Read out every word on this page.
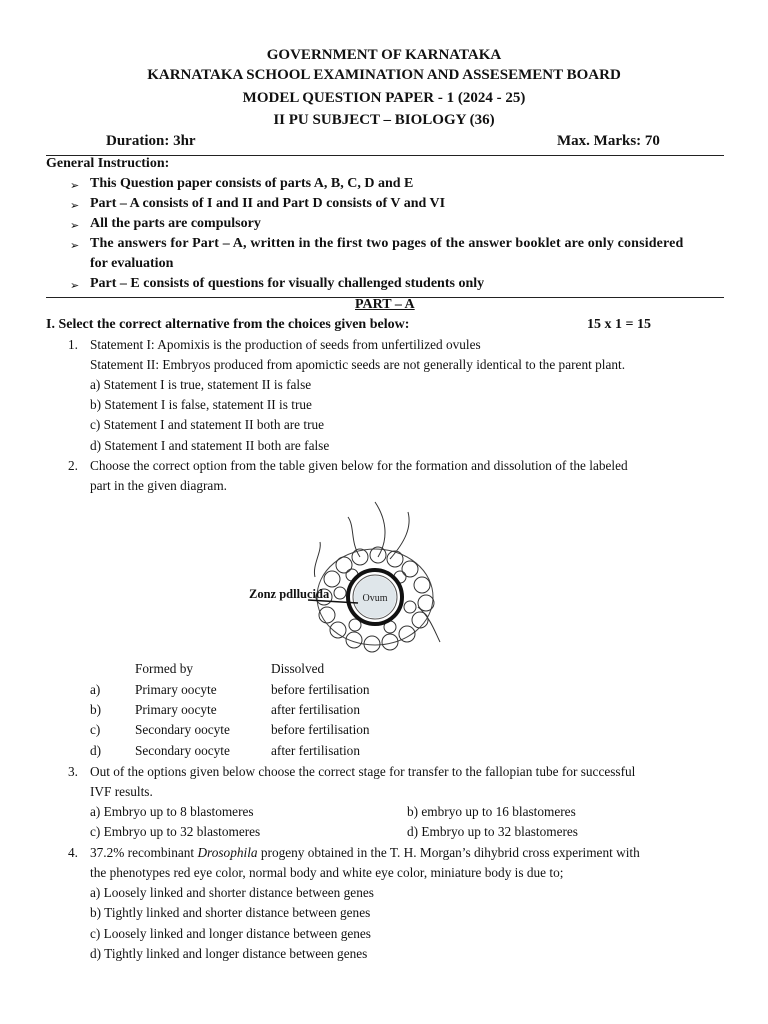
GOVERNMENT OF KARNATAKA
KARNATAKA SCHOOL EXAMINATION AND ASSESEMENT BOARD
MODEL QUESTION PAPER - 1 (2024 - 25)
II PU SUBJECT – BIOLOGY (36)
Duration: 3hr	Max. Marks: 70
General Instruction:
➢ This Question paper consists of parts A, B, C, D and E
➢ Part – A consists of I and II and Part D consists of V and VI
➢ All the parts are compulsory
➢ The answers for Part – A, written in the first two pages of the answer booklet are only considered
for evaluation
➢ Part – E consists of questions for visually challenged students only
PART – A
I. Select the correct alternative from the choices given below:	15 x 1 = 15
1. Statement I: Apomixis is the production of seeds from unfertilized ovules
Statement II: Embryos produced from apomictic seeds are not generally identical to the parent plant.
a) Statement I is true, statement II is false
b) Statement I is false, statement II is true
c) Statement I and statement II both are true
d) Statement I and statement II both are false
2. Choose the correct option from the table given below for the formation and dissolution of the labeled
part in the given diagram.
Ovum
Zonz pdllucida
Formed by	Dissolved
a)	Primary oocyte	before fertilisation
b)	Primary oocyte	after fertilisation
c)	Secondary oocyte	before fertilisation
d)	Secondary oocyte	after fertilisation
3. Out of the options given below choose the correct stage for transfer to the fallopian tube for successful
IVF results.
a) Embryo up to 8 blastomeres	b) embryo up to 16 blastomeres
c) Embryo up to 32 blastomeres	d) Embryo up to 32 blastomeres
4. 37.2% recombinant Drosophila progeny obtained in the T. H. Morgan’s dihybrid cross experiment with
the phenotypes red eye color, normal body and white eye color, miniature body is due to;
a) Loosely linked and shorter distance between genes
b) Tightly linked and shorter distance between genes
c) Loosely linked and longer distance between genes
d) Tightly linked and longer distance between genes
